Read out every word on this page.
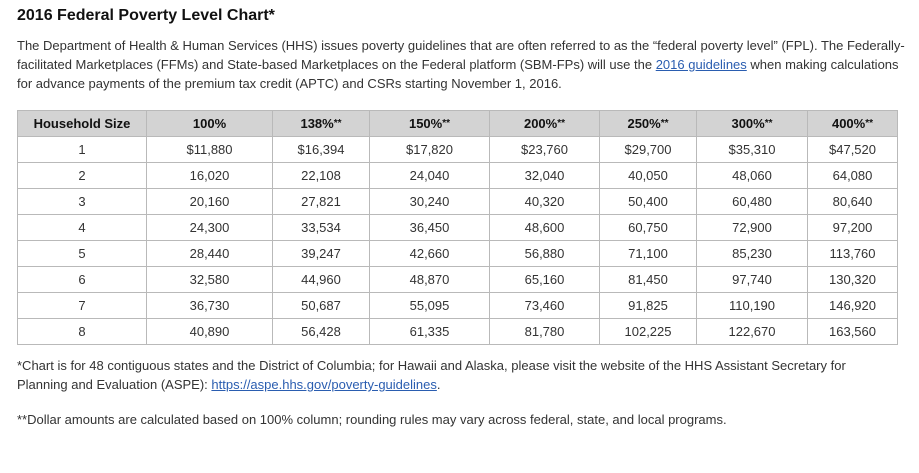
2016 Federal Poverty Level Chart*

The Department of Health & Human Services (HHS) issues poverty guidelines that are often referred to as the “federal poverty level” (FPL). The Federally-facilitated Marketplaces (FFMs) and State-based Marketplaces on the Federal platform (SBM-FPs) will use the 2016 guidelines when making calculations for advance payments of the premium tax credit (APTC) and CSRs starting November 1, 2016.

Household Size	100%	138%**	150%**	200%**	250%**	300%**	400%**
1	$11,880	$16,394	$17,820	$23,760	$29,700	$35,310	$47,520
2	16,020	22,108	24,040	32,040	40,050	48,060	64,080
3	20,160	27,821	30,240	40,320	50,400	60,480	80,640
4	24,300	33,534	36,450	48,600	60,750	72,900	97,200
5	28,440	39,247	42,660	56,880	71,100	85,230	113,760
6	32,580	44,960	48,870	65,160	81,450	97,740	130,320
7	36,730	50,687	55,095	73,460	91,825	110,190	146,920
8	40,890	56,428	61,335	81,780	102,225	122,670	163,560

*Chart is for 48 contiguous states and the District of Columbia; for Hawaii and Alaska, please visit the website of the HHS Assistant Secretary for Planning and Evaluation (ASPE): https://aspe.hhs.gov/poverty-guidelines.

**Dollar amounts are calculated based on 100% column; rounding rules may vary across federal, state, and local programs.
